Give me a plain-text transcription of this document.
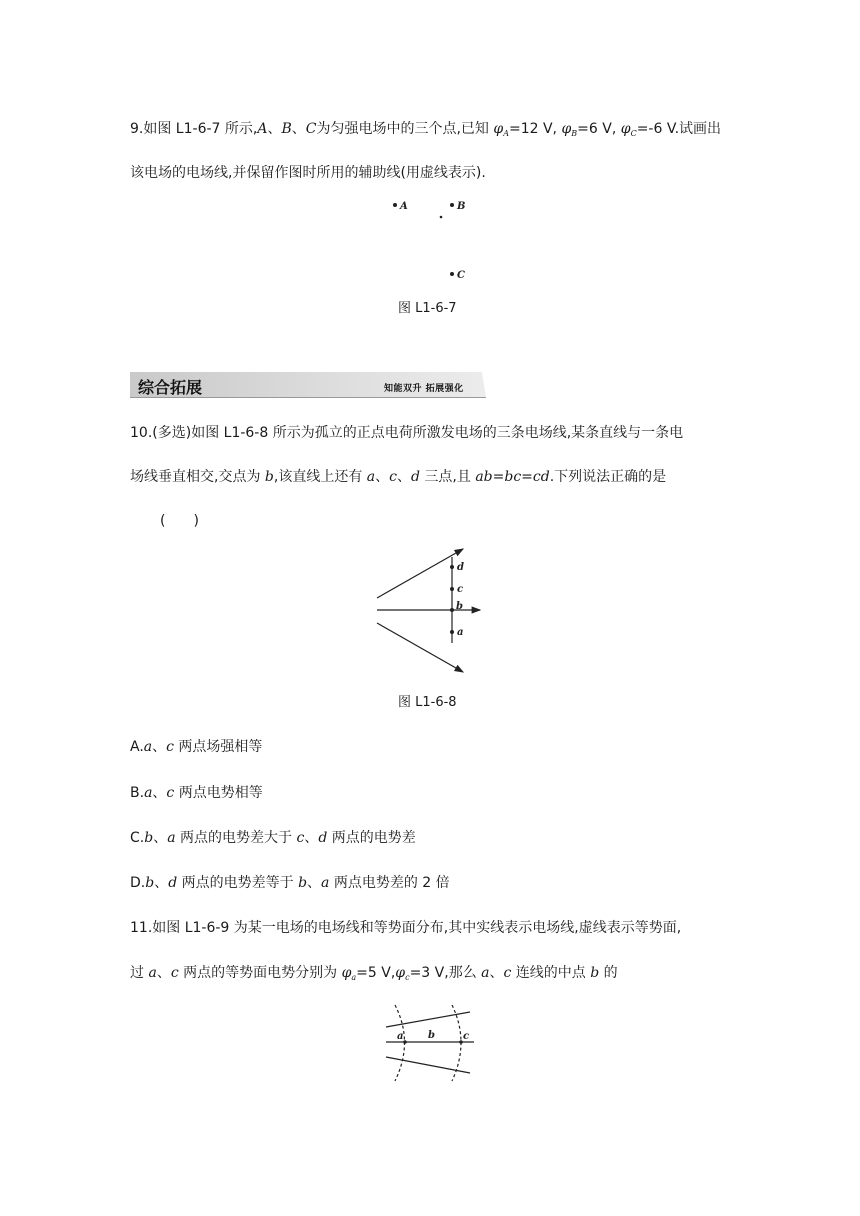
9.如图 L1-6-7 所示,A、B、C为匀强电场中的三个点,已知 $\varphi_A=12$ V, $\varphi_B=6$ V, $\varphi_C=-6$ V.试画出
该电场的电场线,并保留作图时所用的辅助线(用虚线表示).
A	B
C
图 L1-6-7
综合拓展	知能双升 拓展强化
10.(多选)如图 L1-6-8 所示为孤立的正点电荷所激发电场的三条电场线,某条直线与一条电
场线垂直相交,交点为 b,该直线上还有 a、c、d 三点,且 ab=bc=cd.下列说法正确的是
(　　)
d
c
b
a
图 L1-6-8
A.a、c 两点场强相等
B.a、c 两点电势相等
C.b、a 两点的电势差大于 c、d 两点的电势差
D.b、d 两点的电势差等于 b、a 两点电势差的 2 倍
11.如图 L1-6-9 为某一电场的电场线和等势面分布,其中实线表示电场线,虚线表示等势面,
过 a、c 两点的等势面电势分别为 $\varphi_a=5$ $V,\varphi_c=3$ V,那么 a、c 连线的中点 b 的
a b	c
